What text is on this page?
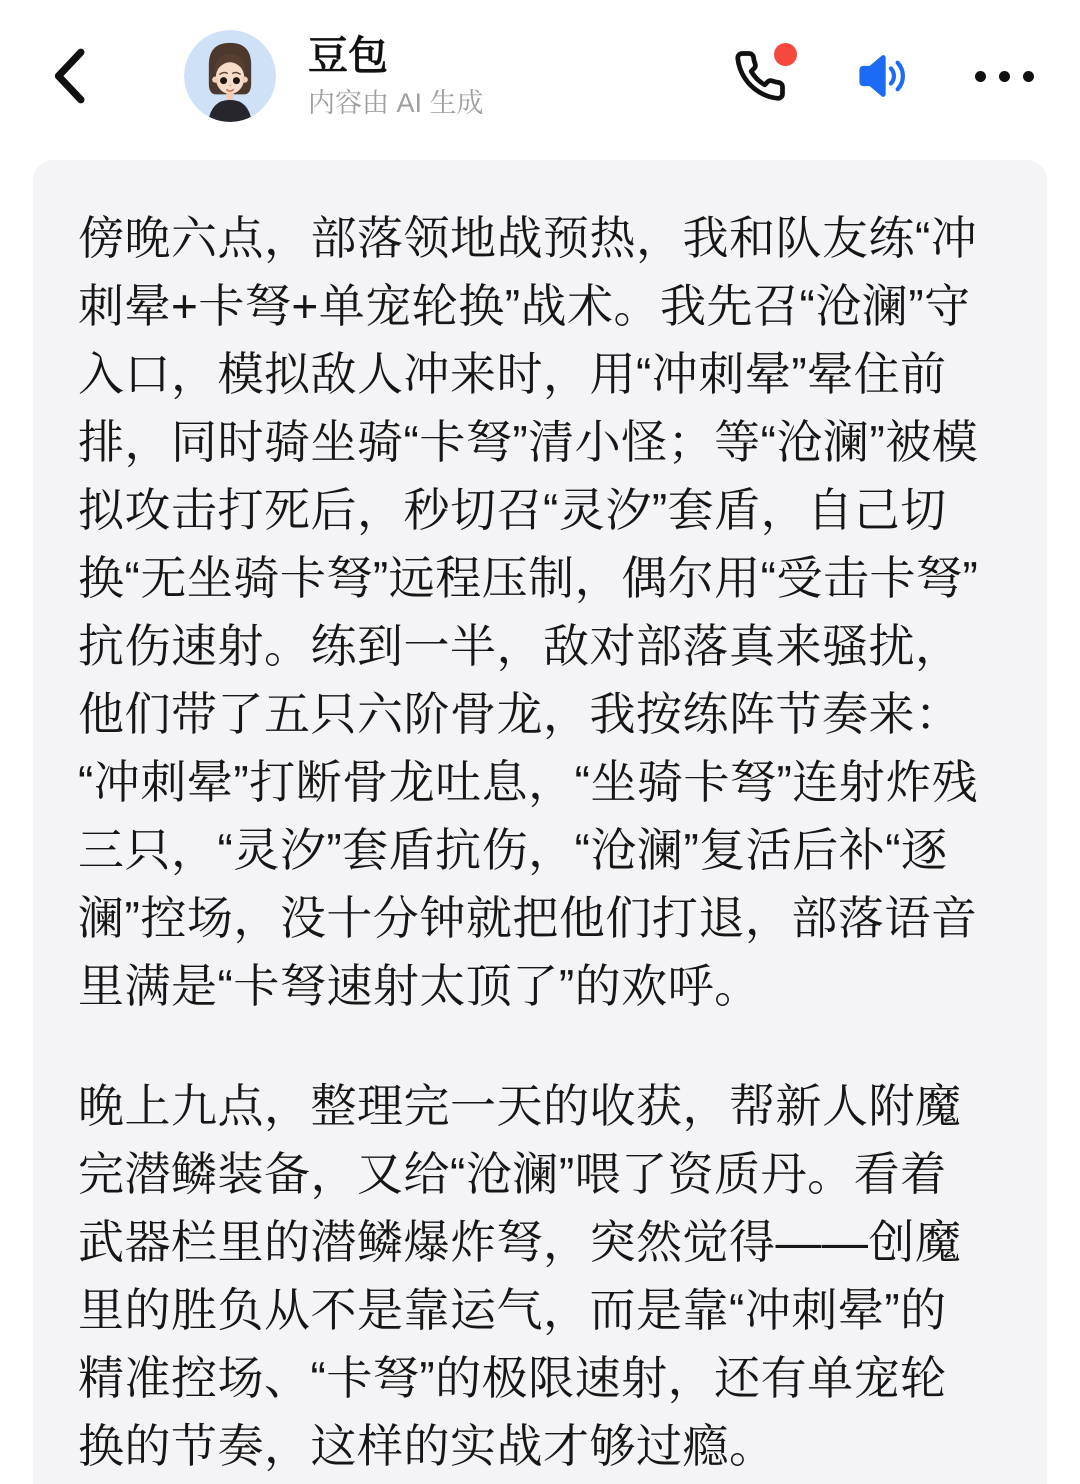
豆包
内容由 AI 生成
傍晚六点，部落领地战预热，我和队友练“冲
刺晕+卡弩+单宠轮换”战术。我先召“沧澜”守
入口，模拟敌人冲来时，用“冲刺晕”晕住前
排，同时骑坐骑“卡弩”清小怪；等“沧澜”被模
拟攻击打死后，秒切召“灵汐”套盾，自己切
换“无坐骑卡弩”远程压制，偶尔用“受击卡弩”
抗伤速射。练到一半，敌对部落真来骚扰，
他们带了五只六阶骨龙，我按练阵节奏来：
“冲刺晕”打断骨龙吐息，“坐骑卡弩”连射炸残
三只，“灵汐”套盾抗伤，“沧澜”复活后补“逐
澜”控场，没十分钟就把他们打退，部落语音
里满是“卡弩速射太顶了”的欢呼。
晚上九点，整理完一天的收获，帮新人附魔
完潜鳞装备，又给“沧澜”喂了资质丹。看着
武器栏里的潜鳞爆炸弩，突然觉得——创魔
里的胜负从不是靠运气，而是靠“冲刺晕”的
精准控场、“卡弩”的极限速射，还有单宠轮
换的节奏，这样的实战才够过瘾。
